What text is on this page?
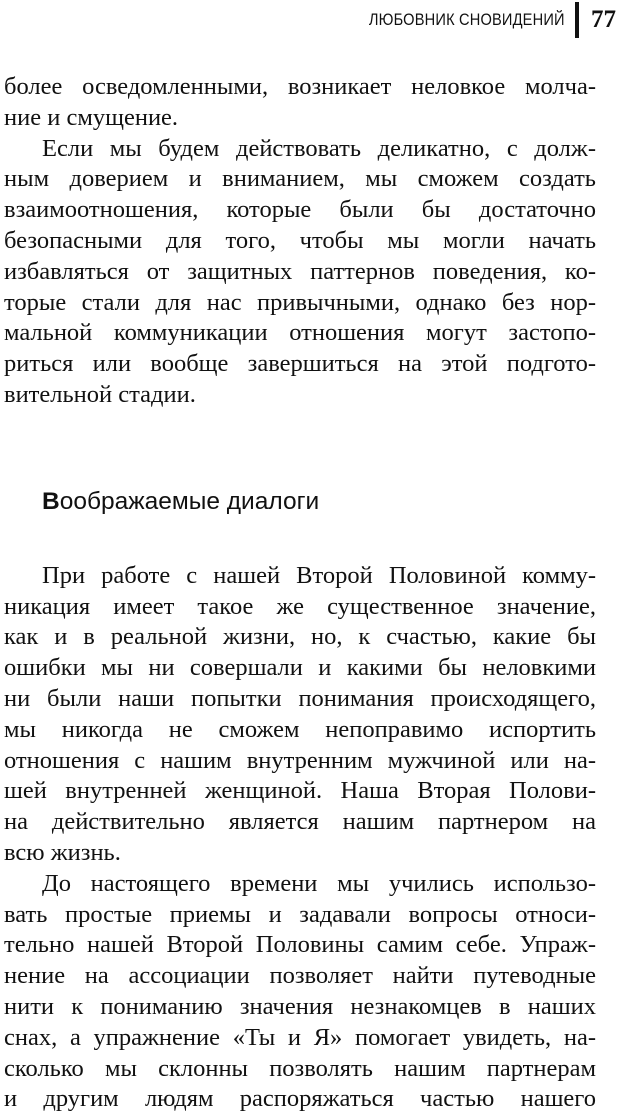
ЛЮБОВНИК СНОВИДЕНИЙ 77
более осведомленными, возникает неловкое молча-
ние и смущение.
Если мы будем действовать деликатно, с долж-
ным доверием и вниманием, мы сможем создать
взаимоотношения, которые были бы достаточно
безопасными для того, чтобы мы могли начать
избавляться от защитных паттернов поведения, ко-
торые стали для нас привычными, однако без нор-
мальной коммуникации отношения могут застопо-
риться или вообще завершиться на этой подгото-
вительной стадии.
Воображаемые диалоги
При работе с нашей Второй Половиной комму-
никация имеет такое же существенное значение,
как и в реальной жизни, но, к счастью, какие бы
ошибки мы ни совершали и какими бы неловкими
ни были наши попытки понимания происходящего,
мы никогда не сможем непоправимо испортить
отношения с нашим внутренним мужчиной или на-
шей внутренней женщиной. Наша Вторая Полови-
на действительно является нашим партнером на
всю жизнь.
До настоящего времени мы учились использо-
вать простые приемы и задавали вопросы относи-
тельно нашей Второй Половины самим себе. Упраж-
нение на ассоциации позволяет найти путеводные
нити к пониманию значения незнакомцев в наших
снах, а упражнение «Ты и Я» помогает увидеть, на-
сколько мы склонны позволять нашим партнерам
и другим людям распоряжаться частью нашего
